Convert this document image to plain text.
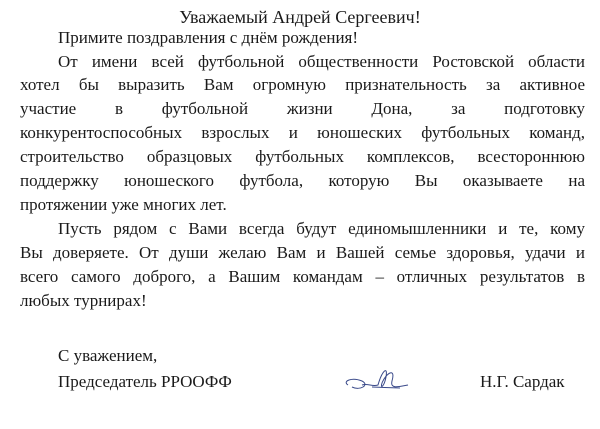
Уважаемый Андрей Сергеевич!
Примите поздравления с днём рождения!
От имени всей футбольной общественности Ростовской области
хотел бы выразить Вам огромную признательность за активное
участие в футбольной жизни Дона, за подготовку
конкурентоспособных взрослых и юношеских футбольных команд,
строительство образцовых футбольных комплексов, всестороннюю
поддержку юношеского футбола, которую Вы оказываете на
протяжении уже многих лет.
Пусть рядом с Вами всегда будут единомышленники и те, кому
Вы доверяете. От души желаю Вам и Вашей семье здоровья, удачи и
всего самого доброго, а Вашим командам – отличных результатов в
любых турнирах!
С уважением,
Председатель РРООФФ	Н.Г. Сардак
